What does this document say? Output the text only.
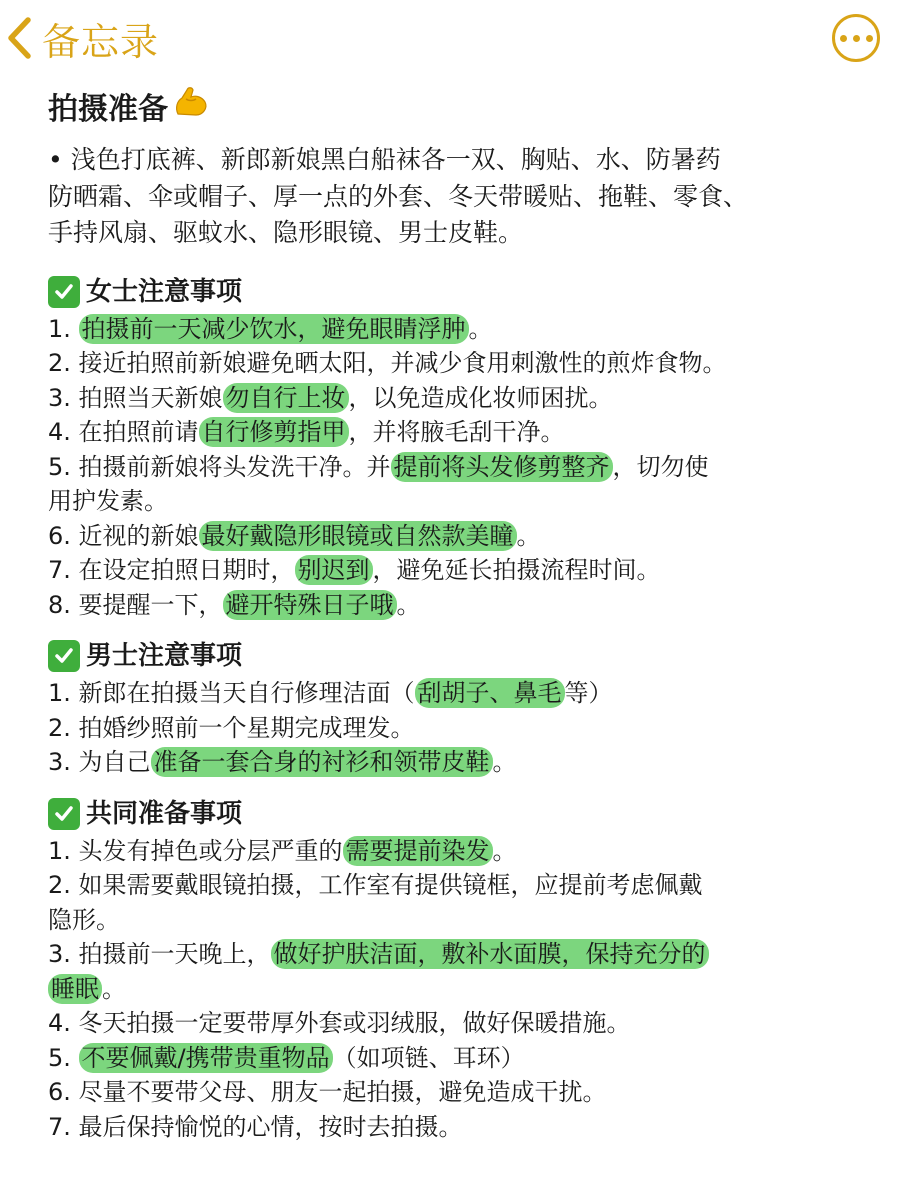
备忘录
拍摄准备

• 浅色打底裤、新郎新娘黑白船袜各一双、胸贴、水、防暑药

防晒霜、伞或帽子、厚一点的外套、冬天带暖贴、拖鞋、零食、

手持风扇、驱蚊水、隐形眼镜、男士皮鞋。

女士注意事项

1. 拍摄前一天减少饮水，避免眼睛浮肿 。

2. 接近拍照前新娘避免晒太阳，并减少食用刺激性的煎炸食物。

3. 拍照当天新娘 勿自行上妆 ，以免造成化妆师困扰。

4. 在拍照前请 自行修剪指甲 ，并将腋毛刮干净。

5. 拍摄前新娘将头发洗干净。并 提前将头发修剪整齐 ，切勿使

用护发素。

6. 近视的新娘 最好戴隐形眼镜或自然款美瞳 。

7. 在设定拍照日期时， 别迟到 ，避免延长拍摄流程时间。

8. 要提醒一下， 避开特殊日子哦 。

男士注意事项

1. 新郎在拍摄当天自行修理洁面（ 刮胡子、鼻毛 等）

2. 拍婚纱照前一个星期完成理发。

3. 为自己 准备一套合身的衬衫和领带皮鞋 。

共同准备事项

1. 头发有掉色或分层严重的 需要提前染发 。

2. 如果需要戴眼镜拍摄，工作室有提供镜框，应提前考虑佩戴

隐形。

3. 拍摄前一天晚上， 做好护肤洁面，敷补水面膜，保持充分的

睡眠 。

4. 冬天拍摄一定要带厚外套或羽绒服，做好保暖措施。

5. 不要佩戴/携带贵重物品 （如项链、耳环）

6. 尽量不要带父母、朋友一起拍摄，避免造成干扰。

7. 最后保持愉悦的心情，按时去拍摄。
